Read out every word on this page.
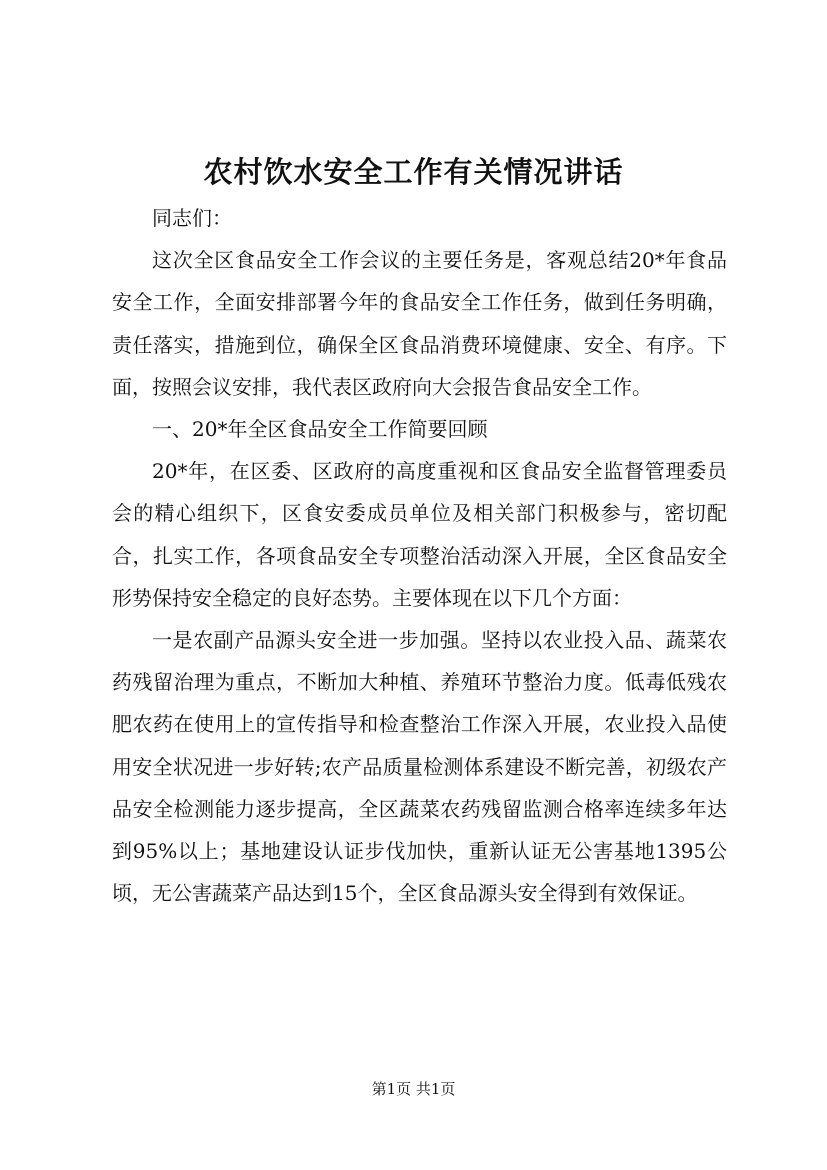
农村饮水安全工作有关情况讲话

同志们：

这次全区食品安全工作会议的主要任务是，客观总结20*年食品安全工作，全面安排部署今年的食品安全工作任务，做到任务明确，责任落实，措施到位，确保全区食品消费环境健康、安全、有序。下面，按照会议安排，我代表区政府向大会报告食品安全工作。

一、20*年全区食品安全工作简要回顾

20*年，在区委、区政府的高度重视和区食品安全监督管理委员会的精心组织下，区食安委成员单位及相关部门积极参与，密切配合，扎实工作，各项食品安全专项整治活动深入开展，全区食品安全形势保持安全稳定的良好态势。主要体现在以下几个方面：

一是农副产品源头安全进一步加强。坚持以农业投入品、蔬菜农药残留治理为重点，不断加大种植、养殖环节整治力度。低毒低残农肥农药在使用上的宣传指导和检查整治工作深入开展，农业投入品使用安全状况进一步好转;农产品质量检测体系建设不断完善，初级农产品安全检测能力逐步提高，全区蔬菜农药残留监测合格率连续多年达到95%以上；基地建设认证步伐加快，重新认证无公害基地1395公顷，无公害蔬菜产品达到15个，全区食品源头安全得到有效保证。

第1页 共1页
